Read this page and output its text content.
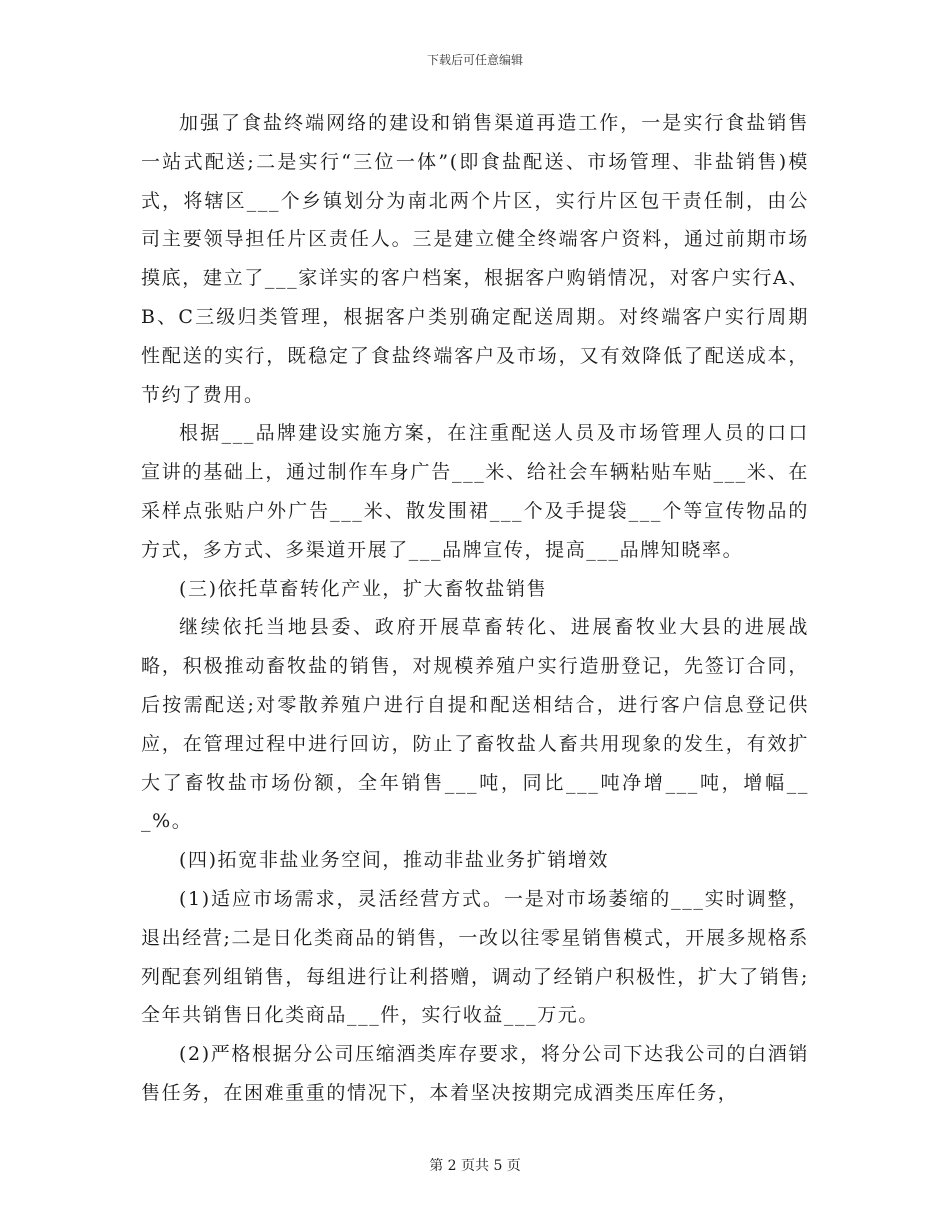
下载后可任意编辑

加强了食盐终端网络的建设和销售渠道再造工作，一是实行食盐销售一站式配送;二是实行“三位一体”(即食盐配送、市场管理、非盐销售)模式，将辖区___个乡镇划分为南北两个片区，实行片区包干责任制，由公司主要领导担任片区责任人。三是建立健全终端客户资料，通过前期市场摸底，建立了___家详实的客户档案，根据客户购销情况，对客户实行A、B、C三级归类管理，根据客户类别确定配送周期。对终端客户实行周期性配送的实行，既稳定了食盐终端客户及市场，又有效降低了配送成本，节约了费用。

根据___品牌建设实施方案，在注重配送人员及市场管理人员的口口宣讲的基础上，通过制作车身广告___米、给社会车辆粘贴车贴___米、在采样点张贴户外广告___米、散发围裙___个及手提袋___个等宣传物品的方式，多方式、多渠道开展了___品牌宣传，提高___品牌知晓率。

(三)依托草畜转化产业，扩大畜牧盐销售

继续依托当地县委、政府开展草畜转化、进展畜牧业大县的进展战略，积极推动畜牧盐的销售，对规模养殖户实行造册登记，先签订合同，后按需配送;对零散养殖户进行自提和配送相结合，进行客户信息登记供应，在管理过程中进行回访，防止了畜牧盐人畜共用现象的发生，有效扩大了畜牧盐市场份额，全年销售___吨，同比___吨净增___吨，增幅___%。

(四)拓宽非盐业务空间，推动非盐业务扩销增效

(1)适应市场需求，灵活经营方式。一是对市场萎缩的___实时调整，退出经营;二是日化类商品的销售，一改以往零星销售模式，开展多规格系列配套列组销售，每组进行让利搭赠，调动了经销户积极性，扩大了销售;全年共销售日化类商品___件，实行收益___万元。

(2)严格根据分公司压缩酒类库存要求，将分公司下达我公司的白酒销售任务，在困难重重的情况下，本着坚决按期完成酒类压库任务，

第 2 页共 5 页
